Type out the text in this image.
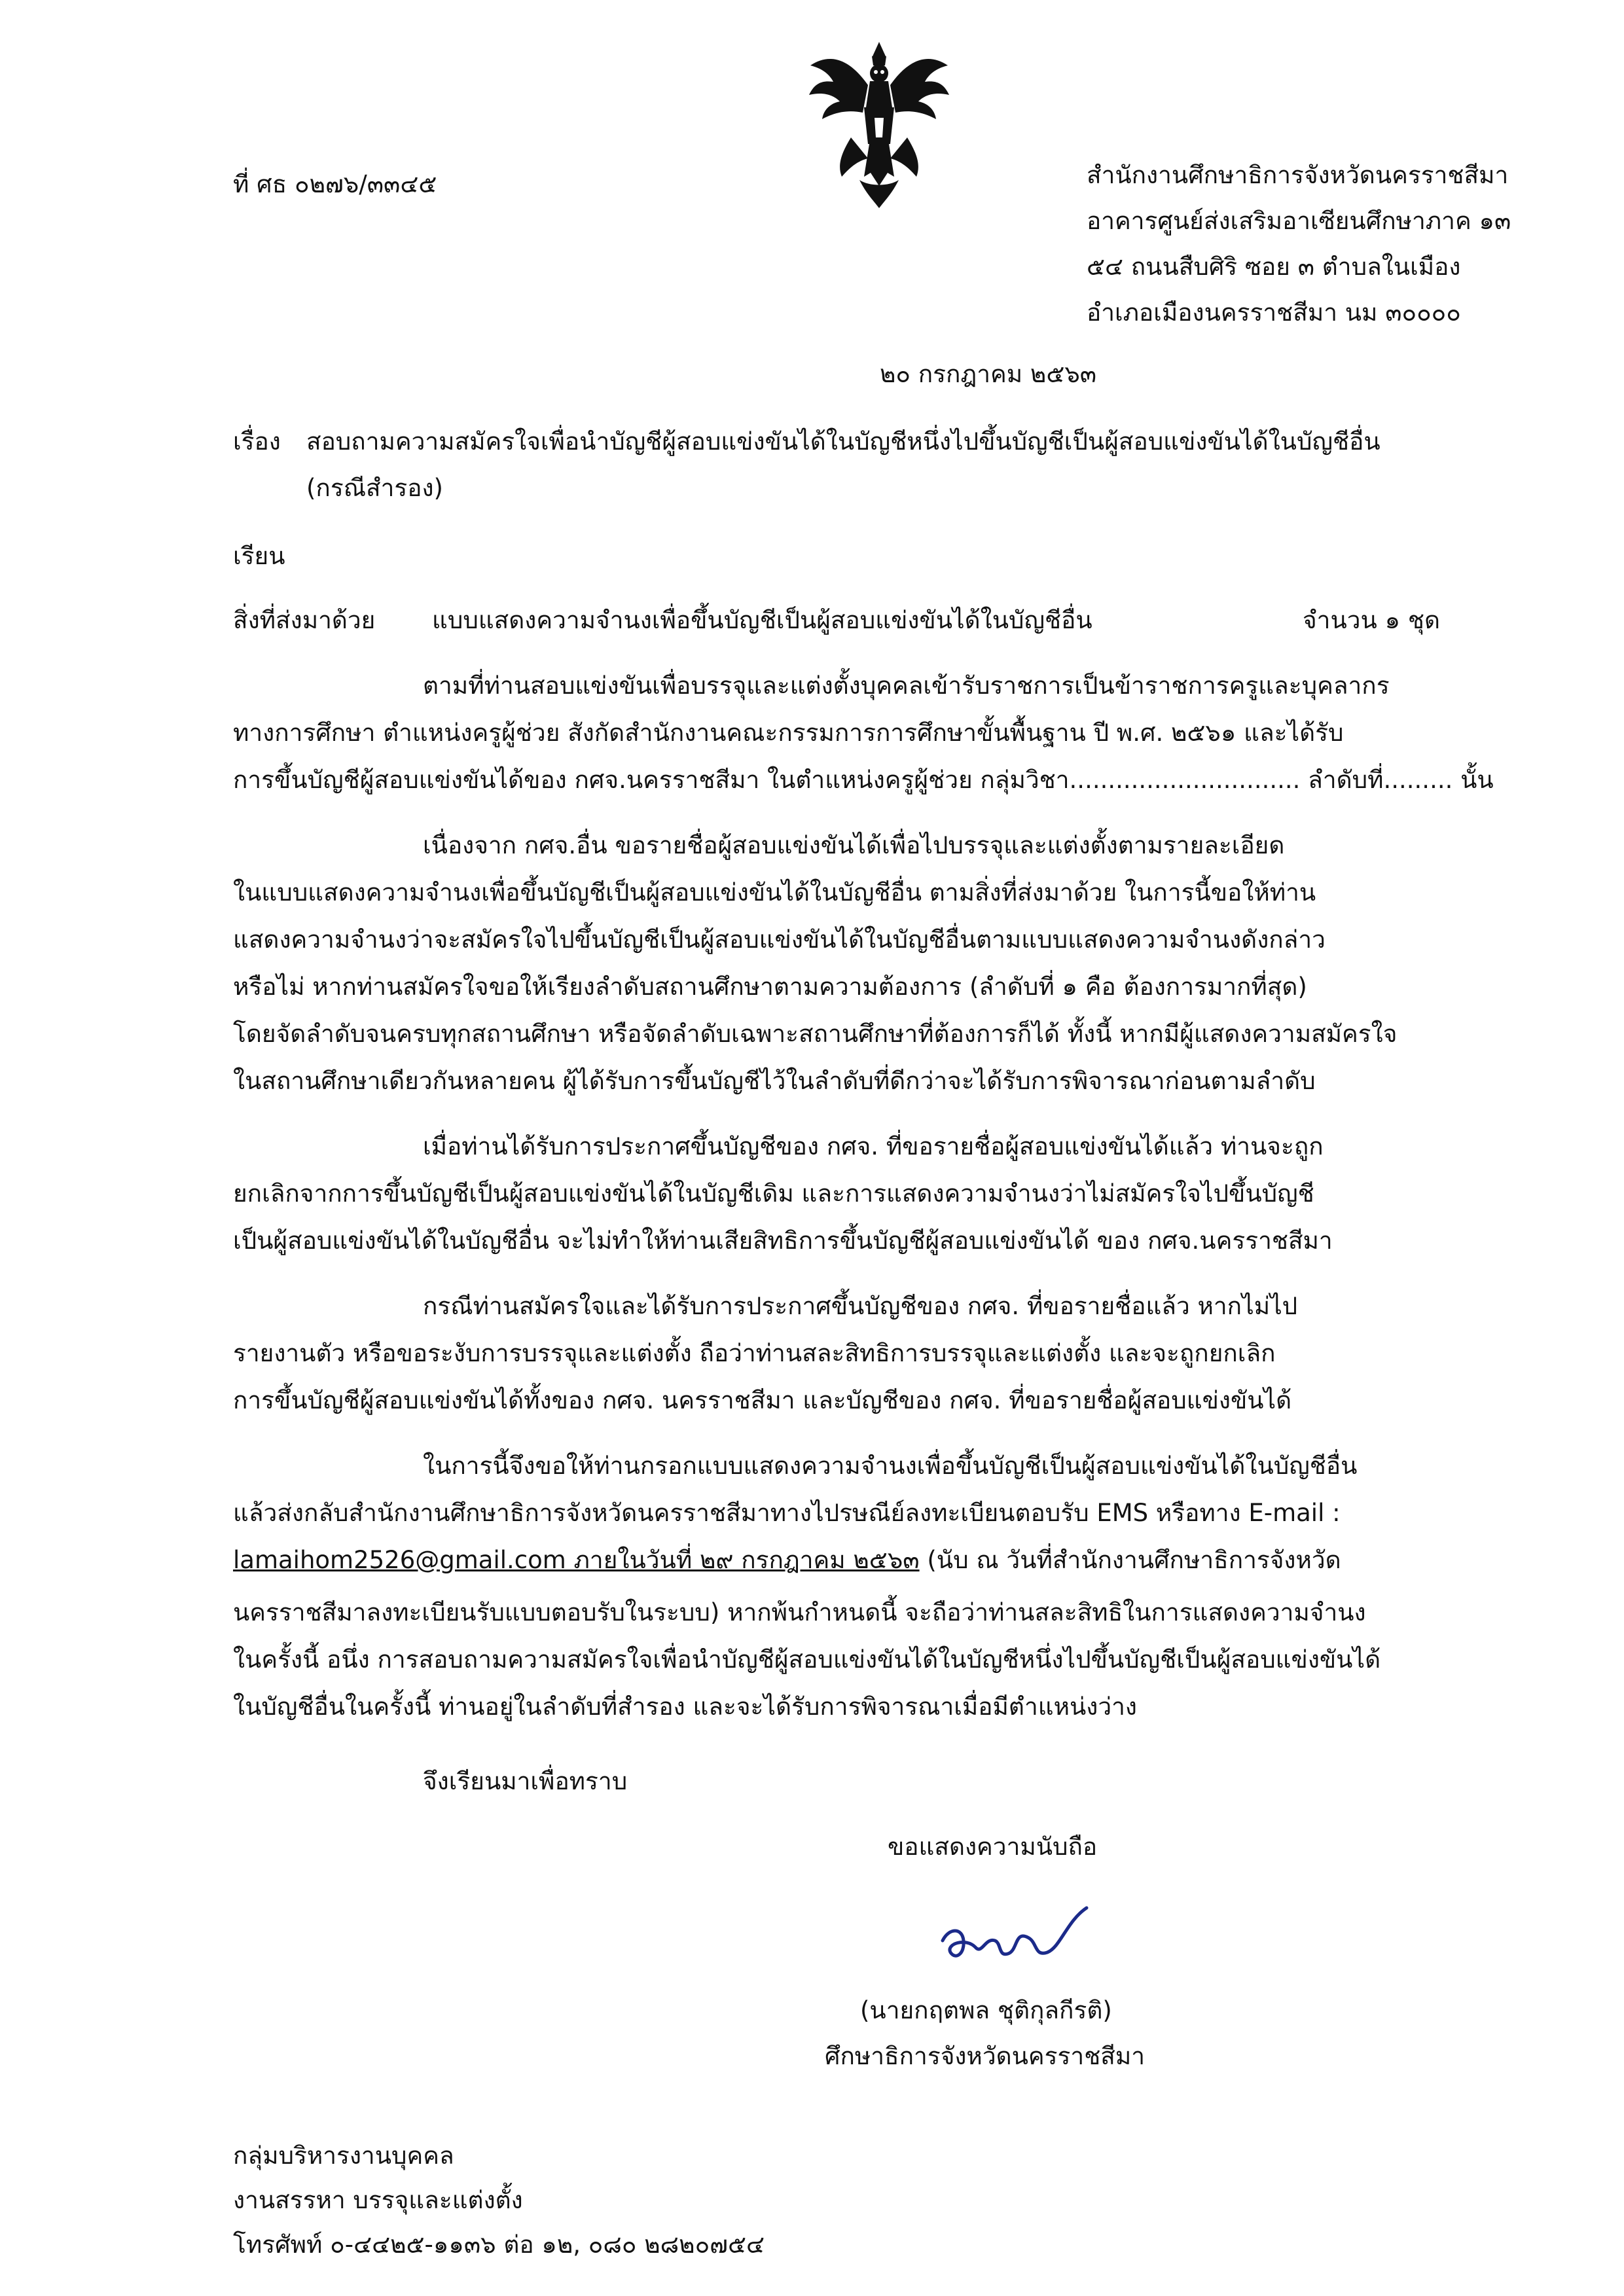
ที่ ศธ ๐๒๗๖/๓๓๔๕	สำนักงานศึกษาธิการจังหวัดนครราชสีมา
อาคารศูนย์ส่งเสริมอาเซียนศึกษาภาค ๑๓
๕๔ ถนนสืบศิริ ซอย ๓ ตำบลในเมือง
อำเภอเมืองนครราชสีมา นม ๓๐๐๐๐
๒๐ กรกฎาคม ๒๕๖๓
เรื่อง สอบถามความสมัครใจเพื่อนำบัญชีผู้สอบแข่งขันได้ในบัญชีหนึ่งไปขึ้นบัญชีเป็นผู้สอบแข่งขันได้ในบัญชีอื่น
(กรณีสำรอง)
เรียน
สิ่งที่ส่งมาด้วย แบบแสดงความจำนงเพื่อขึ้นบัญชีเป็นผู้สอบแข่งขันได้ในบัญชีอื่น	จำนวน ๑ ชุด
ตามที่ท่านสอบแข่งขันเพื่อบรรจุและแต่งตั้งบุคคลเข้ารับราชการเป็นข้าราชการครูและบุคลากร
ทางการศึกษา ตำแหน่งครูผู้ช่วย สังกัดสำนักงานคณะกรรมการการศึกษาขั้นพื้นฐาน ปี พ.ศ. ๒๕๖๑ และได้รับ
การขึ้นบัญชีผู้สอบแข่งขันได้ของ กศจ.นครราชสีมา ในตำแหน่งครูผู้ช่วย กลุ่มวิชา.............................. ลำดับที่......... นั้น
เนื่องจาก กศจ.อื่น ขอรายชื่อผู้สอบแข่งขันได้เพื่อไปบรรจุและแต่งตั้งตามรายละเอียด
ในแบบแสดงความจำนงเพื่อขึ้นบัญชีเป็นผู้สอบแข่งขันได้ในบัญชีอื่น ตามสิ่งที่ส่งมาด้วย ในการนี้ขอให้ท่าน
แสดงความจำนงว่าจะสมัครใจไปขึ้นบัญชีเป็นผู้สอบแข่งขันได้ในบัญชีอื่นตามแบบแสดงความจำนงดังกล่าว
หรือไม่ หากท่านสมัครใจขอให้เรียงลำดับสถานศึกษาตามความต้องการ (ลำดับที่ ๑ คือ ต้องการมากที่สุด)
โดยจัดลำดับจนครบทุกสถานศึกษา หรือจัดลำดับเฉพาะสถานศึกษาที่ต้องการก็ได้ ทั้งนี้ หากมีผู้แสดงความสมัครใจ
ในสถานศึกษาเดียวกันหลายคน ผู้ได้รับการขึ้นบัญชีไว้ในลำดับที่ดีกว่าจะได้รับการพิจารณาก่อนตามลำดับ
เมื่อท่านได้รับการประกาศขึ้นบัญชีของ กศจ. ที่ขอรายชื่อผู้สอบแข่งขันได้แล้ว ท่านจะถูก
ยกเลิกจากการขึ้นบัญชีเป็นผู้สอบแข่งขันได้ในบัญชีเดิม และการแสดงความจำนงว่าไม่สมัครใจไปขึ้นบัญชี
เป็นผู้สอบแข่งขันได้ในบัญชีอื่น จะไม่ทำให้ท่านเสียสิทธิการขึ้นบัญชีผู้สอบแข่งขันได้ ของ กศจ.นครราชสีมา
กรณีท่านสมัครใจและได้รับการประกาศขึ้นบัญชีของ กศจ. ที่ขอรายชื่อแล้ว หากไม่ไป
รายงานตัว หรือขอระงับการบรรจุและแต่งตั้ง ถือว่าท่านสละสิทธิการบรรจุและแต่งตั้ง และจะถูกยกเลิก
การขึ้นบัญชีผู้สอบแข่งขันได้ทั้งของ กศจ. นครราชสีมา และบัญชีของ กศจ. ที่ขอรายชื่อผู้สอบแข่งขันได้
ในการนี้จึงขอให้ท่านกรอกแบบแสดงความจำนงเพื่อขึ้นบัญชีเป็นผู้สอบแข่งขันได้ในบัญชีอื่น
แล้วส่งกลับสำนักงานศึกษาธิการจังหวัดนครราชสีมาทางไปรษณีย์ลงทะเบียนตอบรับ EMS หรือทาง E-mail :
lamaihom2526@gmail.com ภายในวันที่ ๒๙ กรกฎาคม ๒๕๖๓ (นับ ณ วันที่สำนักงานศึกษาธิการจังหวัด
นครราชสีมาลงทะเบียนรับแบบตอบรับในระบบ) หากพ้นกำหนดนี้ จะถือว่าท่านสละสิทธิในการแสดงความจำนง
ในครั้งนี้ อนึ่ง การสอบถามความสมัครใจเพื่อนำบัญชีผู้สอบแข่งขันได้ในบัญชีหนึ่งไปขึ้นบัญชีเป็นผู้สอบแข่งขันได้
ในบัญชีอื่นในครั้งนี้ ท่านอยู่ในลำดับที่สำรอง และจะได้รับการพิจารณาเมื่อมีตำแหน่งว่าง
จึงเรียนมาเพื่อทราบ
ขอแสดงความนับถือ
(นายกฤตพล ชุติกุลกีรติ)
ศึกษาธิการจังหวัดนครราชสีมา
กลุ่มบริหารงานบุคคล
งานสรรหา บรรจุและแต่งตั้ง
โทรศัพท์ ๐-๔๔๒๕-๑๑๓๖ ต่อ ๑๒, ๐๘๐ ๒๘๒๐๗๕๔
